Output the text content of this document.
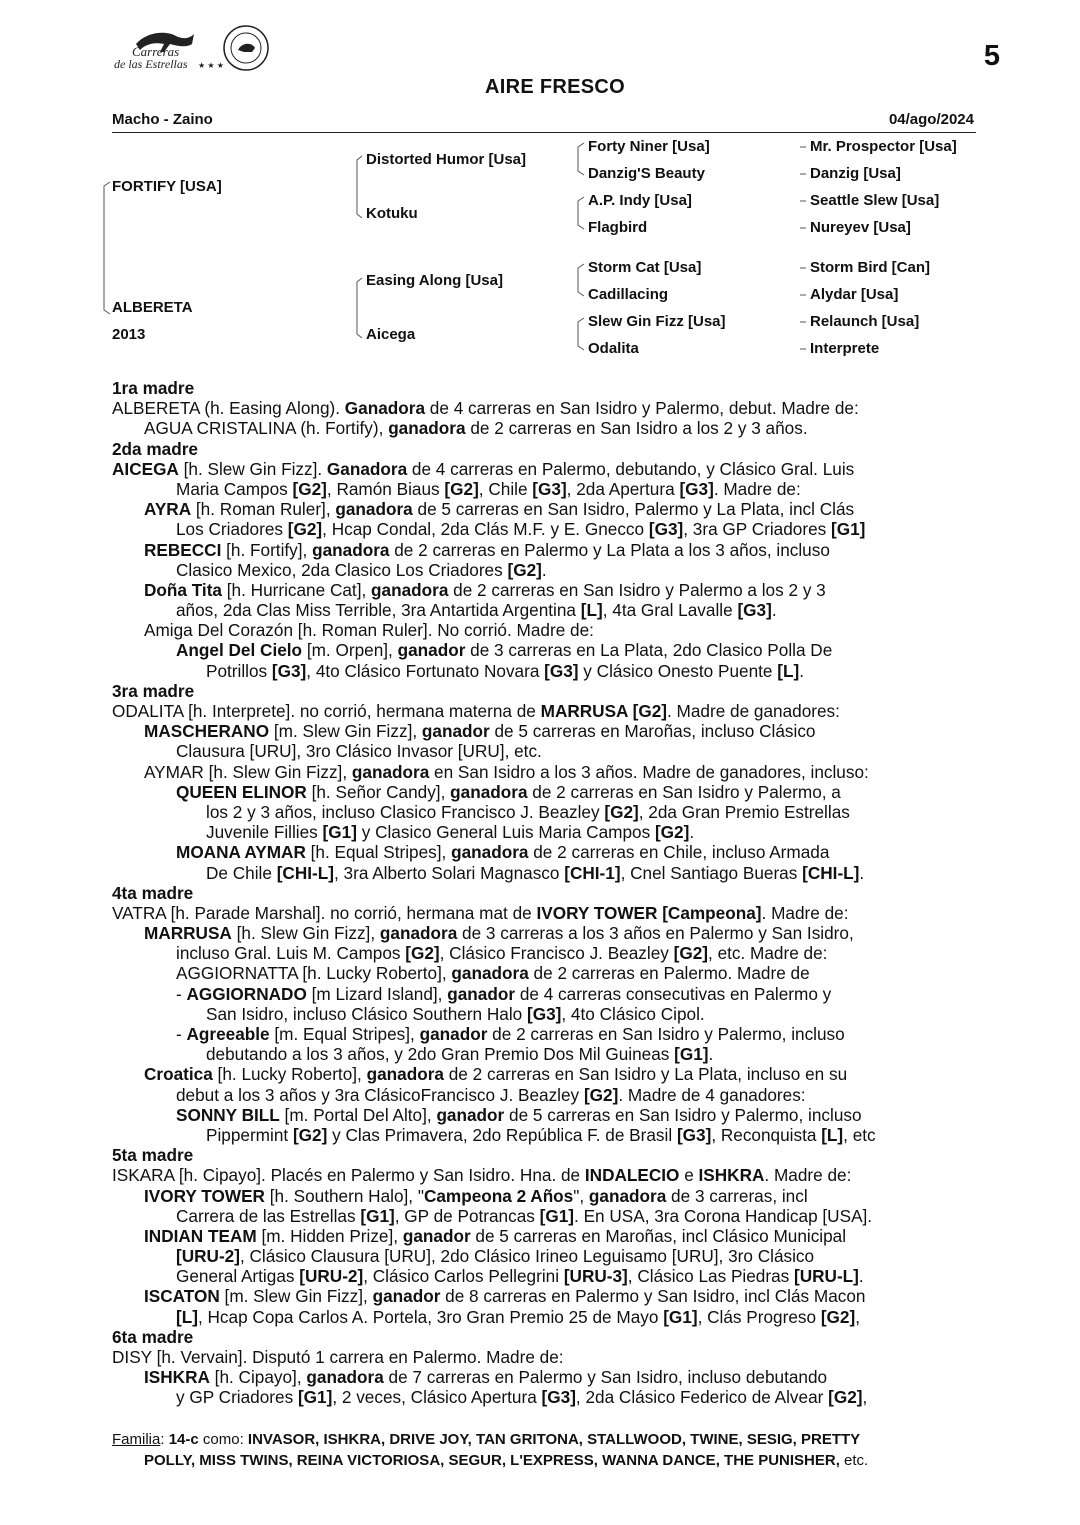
Carreras
de las Estrellas ★ ★ ★	5
AIRE FRESCO
Macho - Zaino	04/ago/2024
FORTIFY [USA]
ALBERETA
2013
Distorted Humor [Usa]
Kotuku
Easing Along [Usa]
Aicega
Forty Niner [Usa]
Danzig'S Beauty
A.P. Indy [Usa]
Flagbird
Storm Cat [Usa]
Cadillacing
Slew Gin Fizz [Usa]
Odalita
Mr. Prospector [Usa]
Danzig [Usa]
Seattle Slew [Usa]
Nureyev [Usa]
Storm Bird [Can]
Alydar [Usa]
Relaunch [Usa]
Interprete
1ra madre
ALBERETA (h. Easing Along). Ganadora de 4 carreras en San Isidro y Palermo, debut. Madre de:
AGUA CRISTALINA (h. Fortify), ganadora de 2 carreras en San Isidro a los 2 y 3 años.
2da madre
AICEGA [h. Slew Gin Fizz]. Ganadora de 4 carreras en Palermo, debutando, y Clásico Gral. Luis
Maria Campos [G2], Ramón Biaus [G2], Chile [G3], 2da Apertura [G3]. Madre de:
AYRA [h. Roman Ruler], ganadora de 5 carreras en San Isidro, Palermo y La Plata, incl Clás
Los Criadores [G2], Hcap Condal, 2da Clás M.F. y E. Gnecco [G3], 3ra GP Criadores [G1]
REBECCI [h. Fortify], ganadora de 2 carreras en Palermo y La Plata a los 3 años, incluso
Clasico Mexico, 2da Clasico Los Criadores [G2].
Doña Tita [h. Hurricane Cat], ganadora de 2 carreras en San Isidro y Palermo a los 2 y 3
años, 2da Clas Miss Terrible, 3ra Antartida Argentina [L], 4ta Gral Lavalle [G3].
Amiga Del Corazón [h. Roman Ruler]. No corrió. Madre de:
Angel Del Cielo [m. Orpen], ganador de 3 carreras en La Plata, 2do Clasico Polla De
Potrillos [G3], 4to Clásico Fortunato Novara [G3] y Clásico Onesto Puente [L].
3ra madre
ODALITA [h. Interprete]. no corrió, hermana materna de MARRUSA [G2]. Madre de ganadores:
MASCHERANO [m. Slew Gin Fizz], ganador de 5 carreras en Maroñas, incluso Clásico
Clausura [URU], 3ro Clásico Invasor [URU], etc.
AYMAR [h. Slew Gin Fizz], ganadora en San Isidro a los 3 años. Madre de ganadores, incluso:
QUEEN ELINOR [h. Señor Candy], ganadora de 2 carreras en San Isidro y Palermo, a
los 2 y 3 años, incluso Clasico Francisco J. Beazley [G2], 2da Gran Premio Estrellas
Juvenile Fillies [G1] y Clasico General Luis Maria Campos [G2].
MOANA AYMAR [h. Equal Stripes], ganadora de 2 carreras en Chile, incluso Armada
De Chile [CHI-L], 3ra Alberto Solari Magnasco [CHI-1], Cnel Santiago Bueras [CHI-L].
4ta madre
VATRA [h. Parade Marshal]. no corrió, hermana mat de IVORY TOWER [Campeona]. Madre de:
MARRUSA [h. Slew Gin Fizz], ganadora de 3 carreras a los 3 años en Palermo y San Isidro,
incluso Gral. Luis M. Campos [G2], Clásico Francisco J. Beazley [G2], etc. Madre de:
AGGIORNATTA [h. Lucky Roberto], ganadora de 2 carreras en Palermo. Madre de
- AGGIORNADO [m Lizard Island], ganador de 4 carreras consecutivas en Palermo y
San Isidro, incluso Clásico Southern Halo [G3], 4to Clásico Cipol.
- Agreeable [m. Equal Stripes], ganador de 2 carreras en San Isidro y Palermo, incluso
debutando a los 3 años, y 2do Gran Premio Dos Mil Guineas [G1].
Croatica [h. Lucky Roberto], ganadora de 2 carreras en San Isidro y La Plata, incluso en su
debut a los 3 años y 3ra ClásicoFrancisco J. Beazley [G2]. Madre de 4 ganadores:
SONNY BILL [m. Portal Del Alto], ganador de 5 carreras en San Isidro y Palermo, incluso
Pippermint [G2] y Clas Primavera, 2do República F. de Brasil [G3], Reconquista [L], etc
5ta madre
ISKARA [h. Cipayo]. Placés en Palermo y San Isidro. Hna. de INDALECIO e ISHKRA. Madre de:
IVORY TOWER [h. Southern Halo], "Campeona 2 Años", ganadora de 3 carreras, incl
Carrera de las Estrellas [G1], GP de Potrancas [G1]. En USA, 3ra Corona Handicap [USA].
INDIAN TEAM [m. Hidden Prize], ganador de 5 carreras en Maroñas, incl Clásico Municipal
[URU-2], Clásico Clausura [URU], 2do Clásico Irineo Leguisamo [URU], 3ro Clásico
General Artigas [URU-2], Clásico Carlos Pellegrini [URU-3], Clásico Las Piedras [URU-L].
ISCATON [m. Slew Gin Fizz], ganador de 8 carreras en Palermo y San Isidro, incl Clás Macon
[L], Hcap Copa Carlos A. Portela, 3ro Gran Premio 25 de Mayo [G1], Clás Progreso [G2],
6ta madre
DISY [h. Vervain]. Disputó 1 carrera en Palermo. Madre de:
ISHKRA [h. Cipayo], ganadora de 7 carreras en Palermo y San Isidro, incluso debutando
y GP Criadores [G1], 2 veces, Clásico Apertura [G3], 2da Clásico Federico de Alvear [G2],
Familia: 14-c como: INVASOR, ISHKRA, DRIVE JOY, TAN GRITONA, STALLWOOD, TWINE, SESIG, PRETTY
POLLY, MISS TWINS, REINA VICTORIOSA, SEGUR, L'EXPRESS, WANNA DANCE, THE PUNISHER, etc.
